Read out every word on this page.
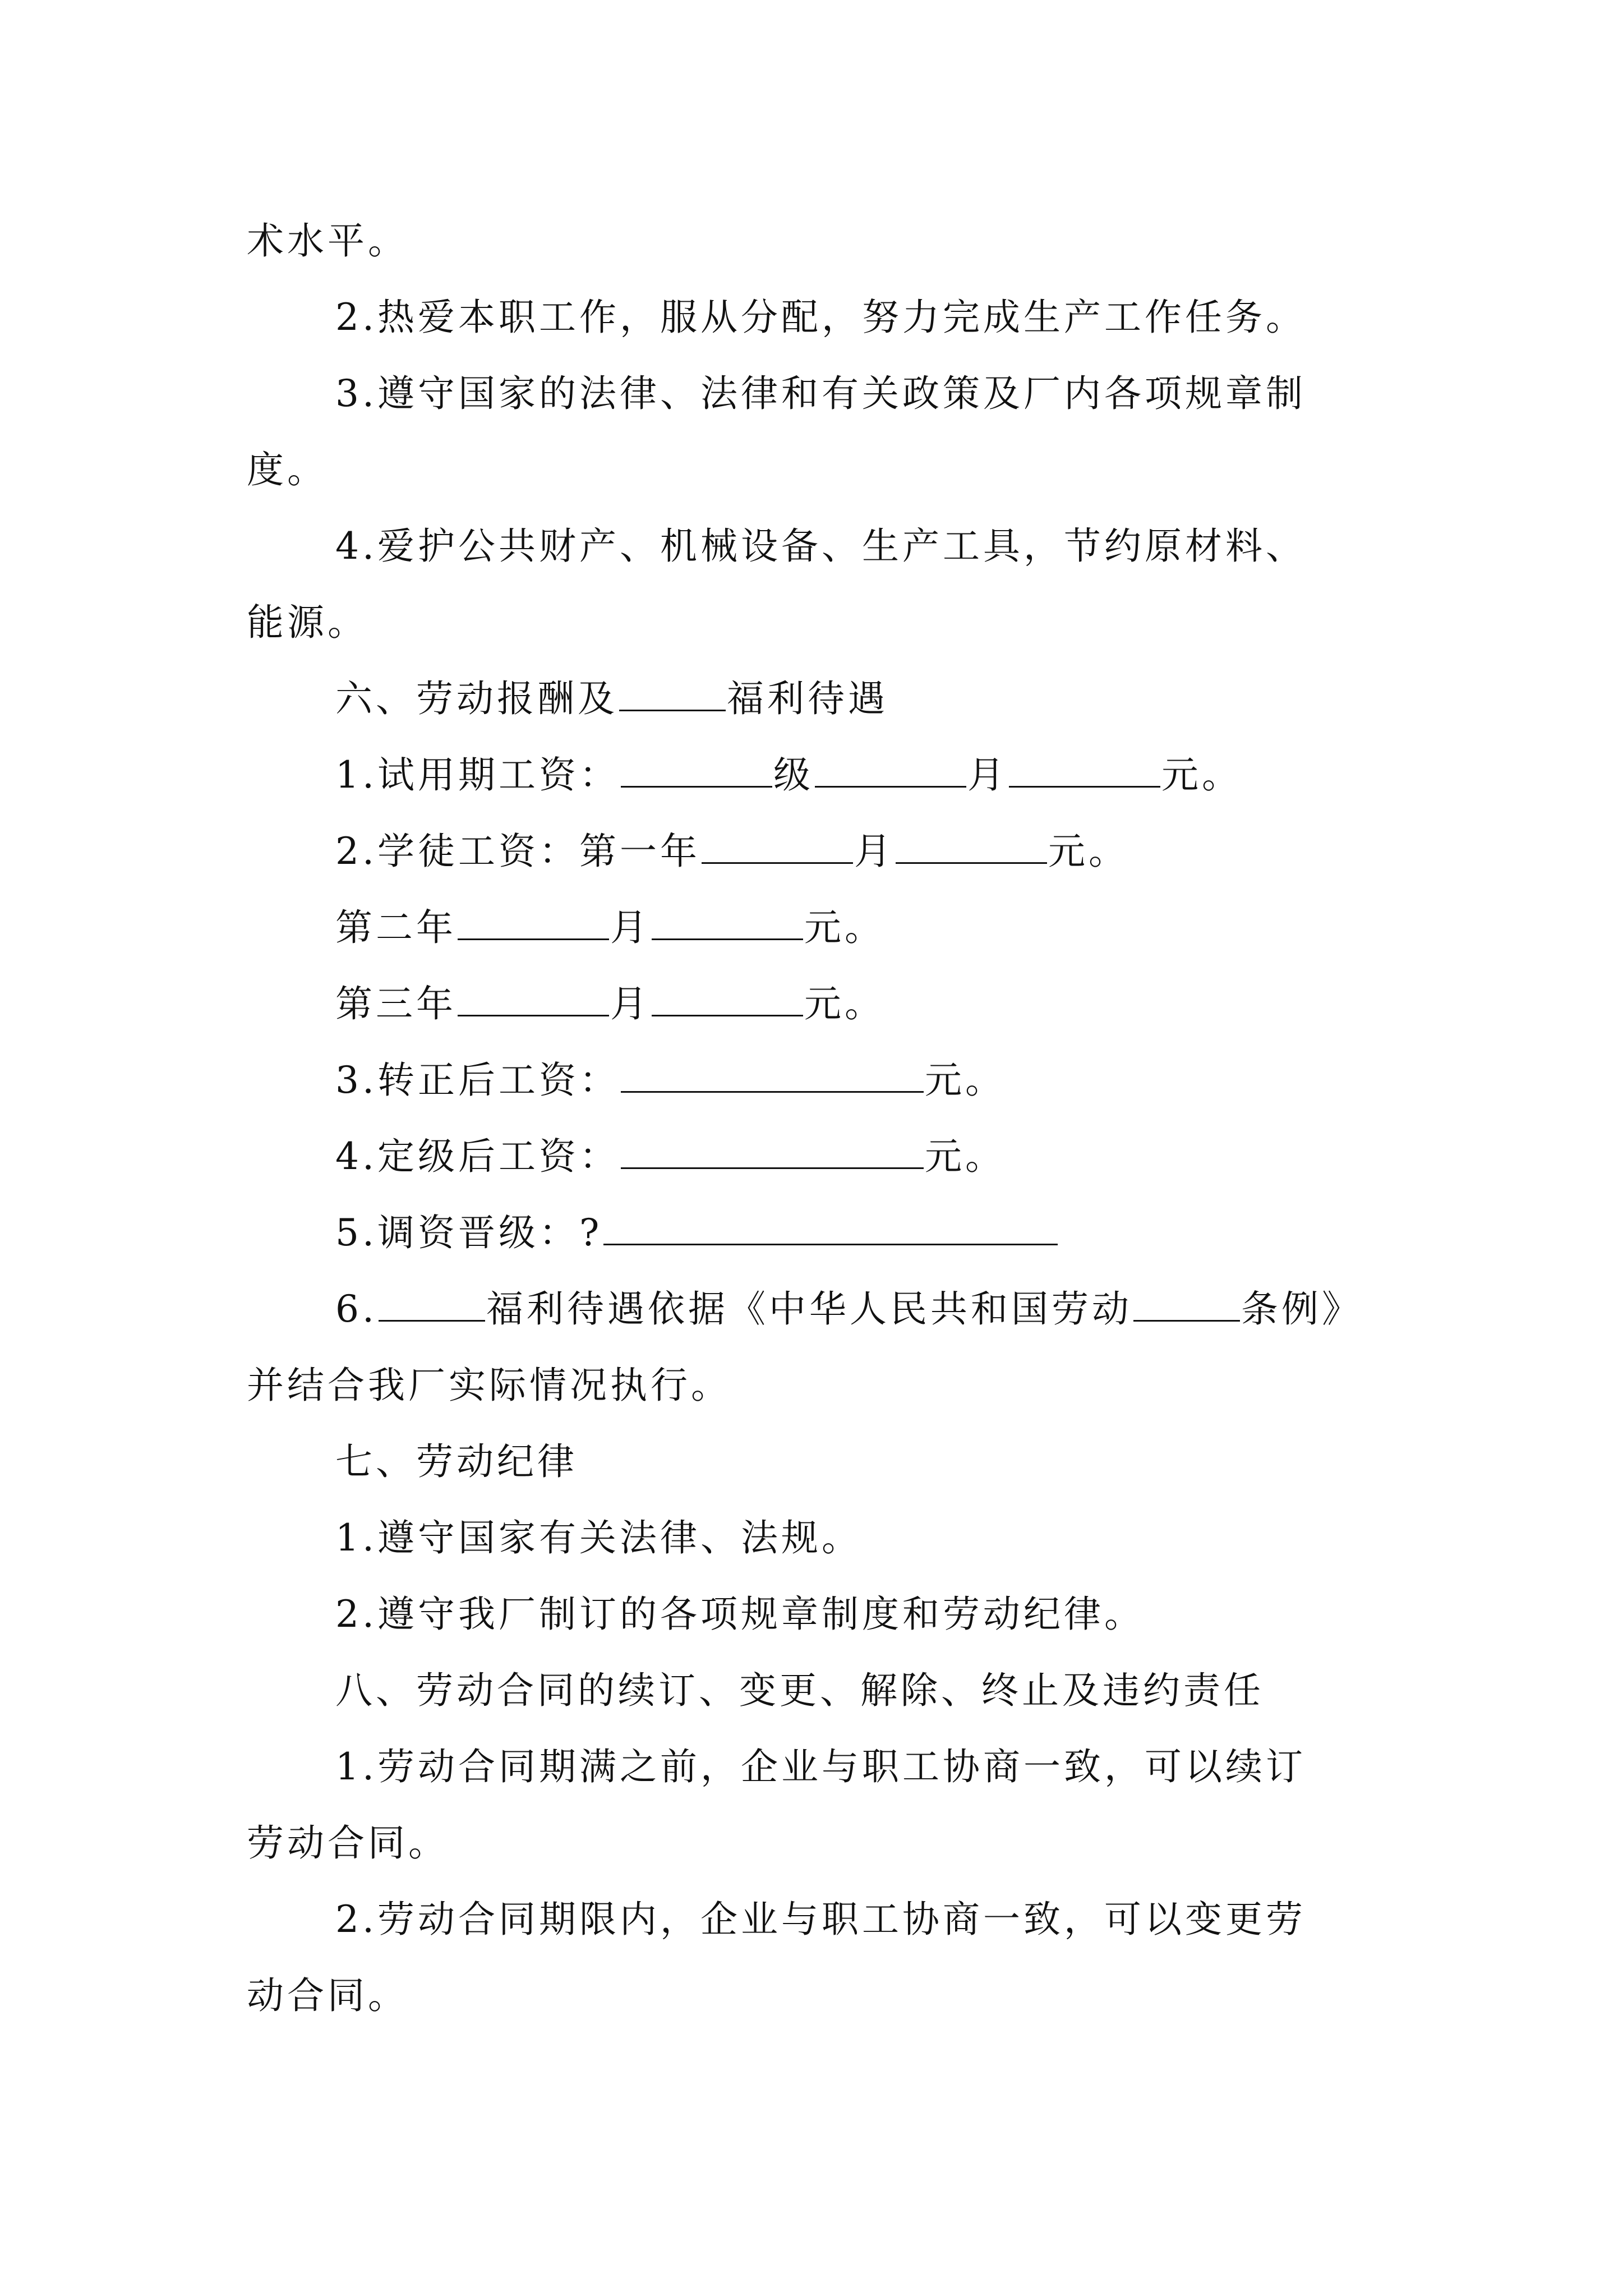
术水平。
2.热爱本职工作，服从分配，努力完成生产工作任务。
3.遵守国家的法律、法律和有关政策及厂内各项规章制
度。
4.爱护公共财产、机械设备、生产工具，节约原材料、
能源。
六、劳动报酬及	福利待遇
1.试用期工资：	级	月	元。
2.学徒工资：第一年	月	元。
第二年	月	元。
第三年	月	元。
3.转正后工资：	元。
4.定级后工资：	元。
5.调资晋级：?
6.	福利待遇依据《中华人民共和国劳动	条例》
并结合我厂实际情况执行。
七、劳动纪律
1.遵守国家有关法律、法规。
2.遵守我厂制订的各项规章制度和劳动纪律。
八、劳动合同的续订、变更、解除、终止及违约责任
1.劳动合同期满之前，企业与职工协商一致，可以续订
劳动合同。
2.劳动合同期限内，企业与职工协商一致，可以变更劳
动合同。
